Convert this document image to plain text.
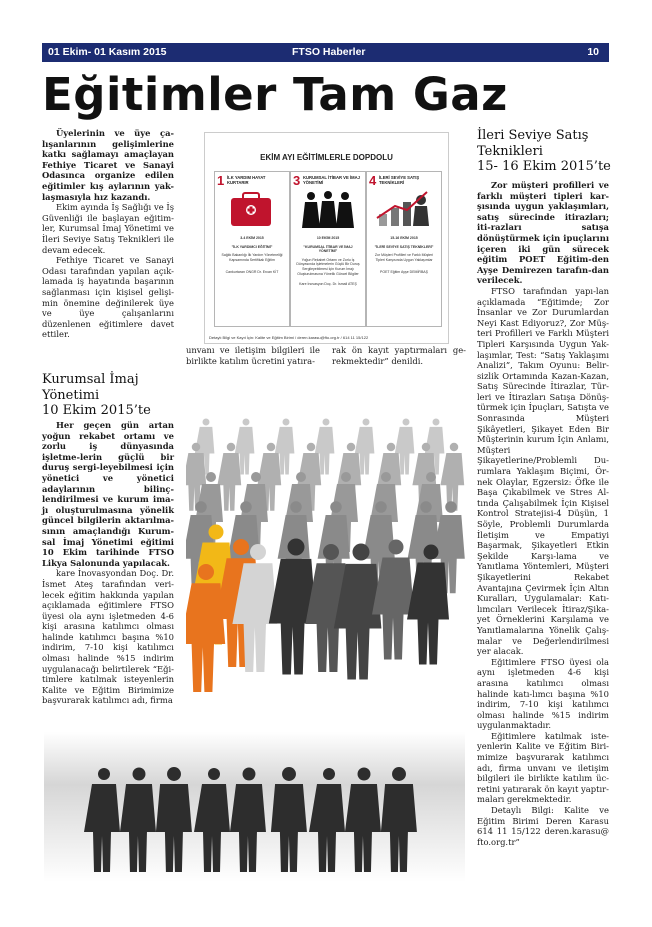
01 Ekim- 01 Kasım 2015	FTSO Haberler	10
Eğitimler Tam Gaz

Üyelerinin ve üye ça-lışanlarının gelişimlerine katkı sağlamayı amaçlayan Fethiye Ticaret ve Sanayi Odasınca organize edilen eğitimler kış aylarının yak-laşmasıyla hız kazandı.

Ekim ayında İş Sağlığı ve İş Güvenliği ile başlayan eğitim-ler, Kurumsal İmaj Yönetimi ve İleri Seviye Satış Teknikleri ile devam edecek.

Fethiye Ticaret ve Sanayi Odası tarafından yapılan açık-lamada iş hayatında başarının sağlanması için kişisel gelişi-min önemine değinilerek üye ve üye çalışanlarını düzenlenen eğitimlere davet ettiler.

Kurumsal İmaj
Yönetimi
10 Ekim 2015’te

Her geçen gün artan yoğun rekabet ortamı ve zorlu iş dünyasında işletme-lerin güçlü bir duruş sergi-leyebilmesi için yönetici ve yönetici adaylarının bilinç-lendirilmesi ve kurum ima-jı oluşturulmasına yönelik güncel bilgilerin aktarılma-sının amaçlandığı Kurum-sal İmaj Yönetimi eğitimi 10 Ekim tarihinde FTSO Likya Salonunda yapılacak.

kare İnovasyondan Doç. Dr. İsmet Ateş tarafından veri-lecek eğitim hakkında yapılan açıklamada eğitimlere FTSO üyesi ola aynı işletmeden 4-6 kişi arasına katılımcı olması halinde katılımcı başına %10 indirim, 7-10 kişi katılımcı olması halinde %15 indirim uygulanacağı belirtilerek “Eği-timlere katılmak isteyenlerin Kalite ve Eğitim Birimimize başvurarak katılımcı adı, firma

EKİM AYI EĞİTİMLERLE DOPDOLU
1 İLK YARDIM HAYAT KURTARIR
3-4 EKİM 2015
"İLK YARDIMCI EĞİTİMİ"
Sağlık Bakanlığı İlk Yardım Yönetmeliği Kapsamında Sertifikalı Eğitim
Cankurtaran ONGR Dr. Ercan KİT
3 KURUMSAL İTİBAR VE İMAJ YÖNETİMİ
10 EKİM 2015
"KURUMSAL İTİBAR VE İMAJ YÖNETİMİ"
Yoğun Rekabet Ortamı ve Zorlu İş Dünyasında İşletmelerin Güçlü Bir Duruş Sergileyebilmesi İçin Kurum İmajı Oluşturulmasına Yönelik Güncel Bilgiler
Kare İnovasyon Doç. Dr. İsmail ATEŞ
4 İLERİ SEVİYE SATIŞ TEKNİKLERİ
15-16 EKİM 2015
"İLERİ SEVİYE SATIŞ TEKNİKLERİ"
Zor Müşteri Profilleri ve Farklı Müşteri Tipleri Karşısında Uygun Yaklaşımlar
POET Eğitim Ayşe DEMİRBAŞ
Detaylı Bilgi ve Kayıt İçin: Kalite ve Eğitim Birimi / deren.karasu@fto.org.tr / 614 11 15/122

unvanı ve iletişim bilgileri ile birlikte katılım ücretini yatıra-

rak ön kayıt yaptırmaları ge-rekmektedir” denildi.

İleri Seviye Satış
Teknikleri
15- 16 Ekim 2015’te

Zor müşteri profilleri ve farklı müşteri tipleri kar-şısında uygun yaklaşımları, satış sürecinde itirazları; iti-razları satışa dönüştürmek için ipuçlarını içeren iki gün sürecek eğitim POET Eğitim-den Ayşe Demirezen tarafın-dan verilecek.

FTSO tarafından yapı-lan açıklamada “Eğitimde; Zor İnsanlar ve Zor Durumlardan Neyi Kast Ediyoruz?, Zor Müş-teri Profilleri ve Farklı Müşteri Tipleri Karşısında Uygun Yak-laşımlar, Test: “Satış Yaklaşımı Analizi”, Takım Oyunu: Belir-sizlik Ortamında Kazan-Kazan, Satış Sürecinde İtirazlar, Tür-leri ve İtirazları Satışa Dönüş-türmek için İpuçları, Satışta ve Sonrasında Müşteri Şikâyetleri, Şikayet Eden Bir Müşterinin kurum İçin Anlamı, Müşteri Şikayetlerine/Problemli Du-rumlara Yaklaşım Biçimi, Ör-nek Olaylar, Egzersiz: Öfke ile Başa Çıkabilmek ve Stres Al-tında Çalışabilmek İçin Kişisel Kontrol Stratejisi-4 Düşün, 1 Söyle, Problemli Durumlarda İletişim ve Empatiyi Başarmak, Şikayetleri Etkin Şekilde Karşı-lama ve Yanıtlama Yöntemleri, Müşteri Şikayetlerini Rekabet Avantajına Çevirmek İçin Altın Kuralları, Uygulamalar: Katı-lımcıları Verilecek İtiraz/Şika-yet Örneklerini Karşılama ve Yanıtlamalarına Yönelik Çalış-malar ve Değerlendirilmesi yer alacak.

Eğitimlere FTSO üyesi ola aynı işletmeden 4-6 kişi arasına katılımcı olması halinde katı-lımcı başına %10 indirim, 7-10 kişi katılımcı olması halinde %15 indirim uygulanmaktadır.

Eğitimlere katılmak iste-yenlerin Kalite ve Eğitim Biri-mimize başvurarak katılımcı adı, firma unvanı ve iletişim bilgileri ile birlikte katılım üc-retini yatırarak ön kayıt yaptır-maları gerekmektedir.

Detaylı Bilgi: Kalite ve Eğitim Birimi Deren Karasu 614 11 15/122 deren.karasu@ fto.org.tr”
